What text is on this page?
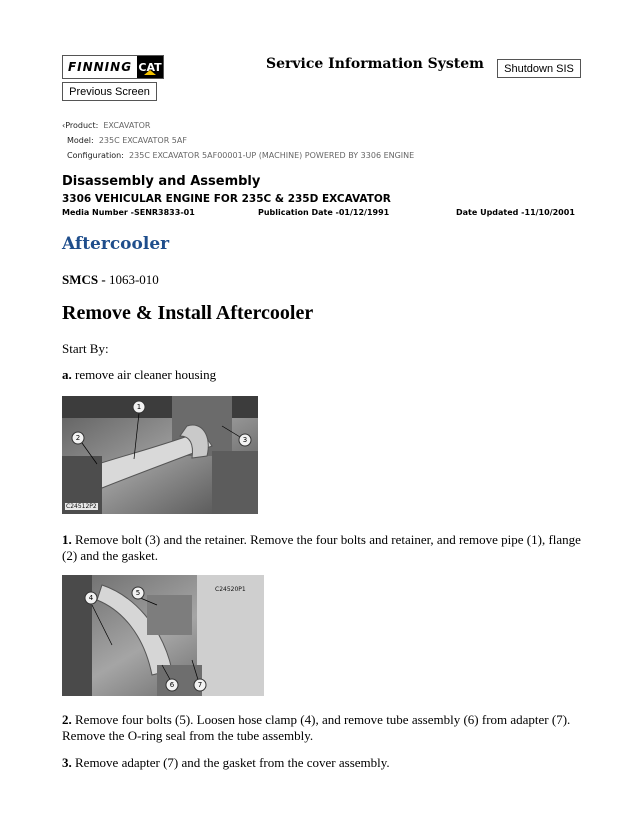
FINNING CAT
Previous Screen
Service Information System	Shutdown SIS
‹Product: EXCAVATOR
Model: 235C EXCAVATOR 5AF
Configuration: 235C EXCAVATOR 5AF00001-UP (MACHINE) POWERED BY 3306 ENGINE
Disassembly and Assembly
3306 VEHICULAR ENGINE FOR 235C & 235D EXCAVATOR
Media Number -SENR3833-01	Publication Date -01/12/1991	Date Updated -11/10/2001
Aftercooler
SMCS - 1063-010
Remove & Install Aftercooler
Start By:
a. remove air cleaner housing
1
2	3
C24512P2
1. Remove bolt (3) and the retainer. Remove the four bolts and retainer, and remove pipe (1), flange (2) and the gasket.
4
5
6	7
C24520P1
2. Remove four bolts (5). Loosen hose clamp (4), and remove tube assembly (6) from adapter (7). Remove the O-ring seal from the tube assembly.
3. Remove adapter (7) and the gasket from the cover assembly.
